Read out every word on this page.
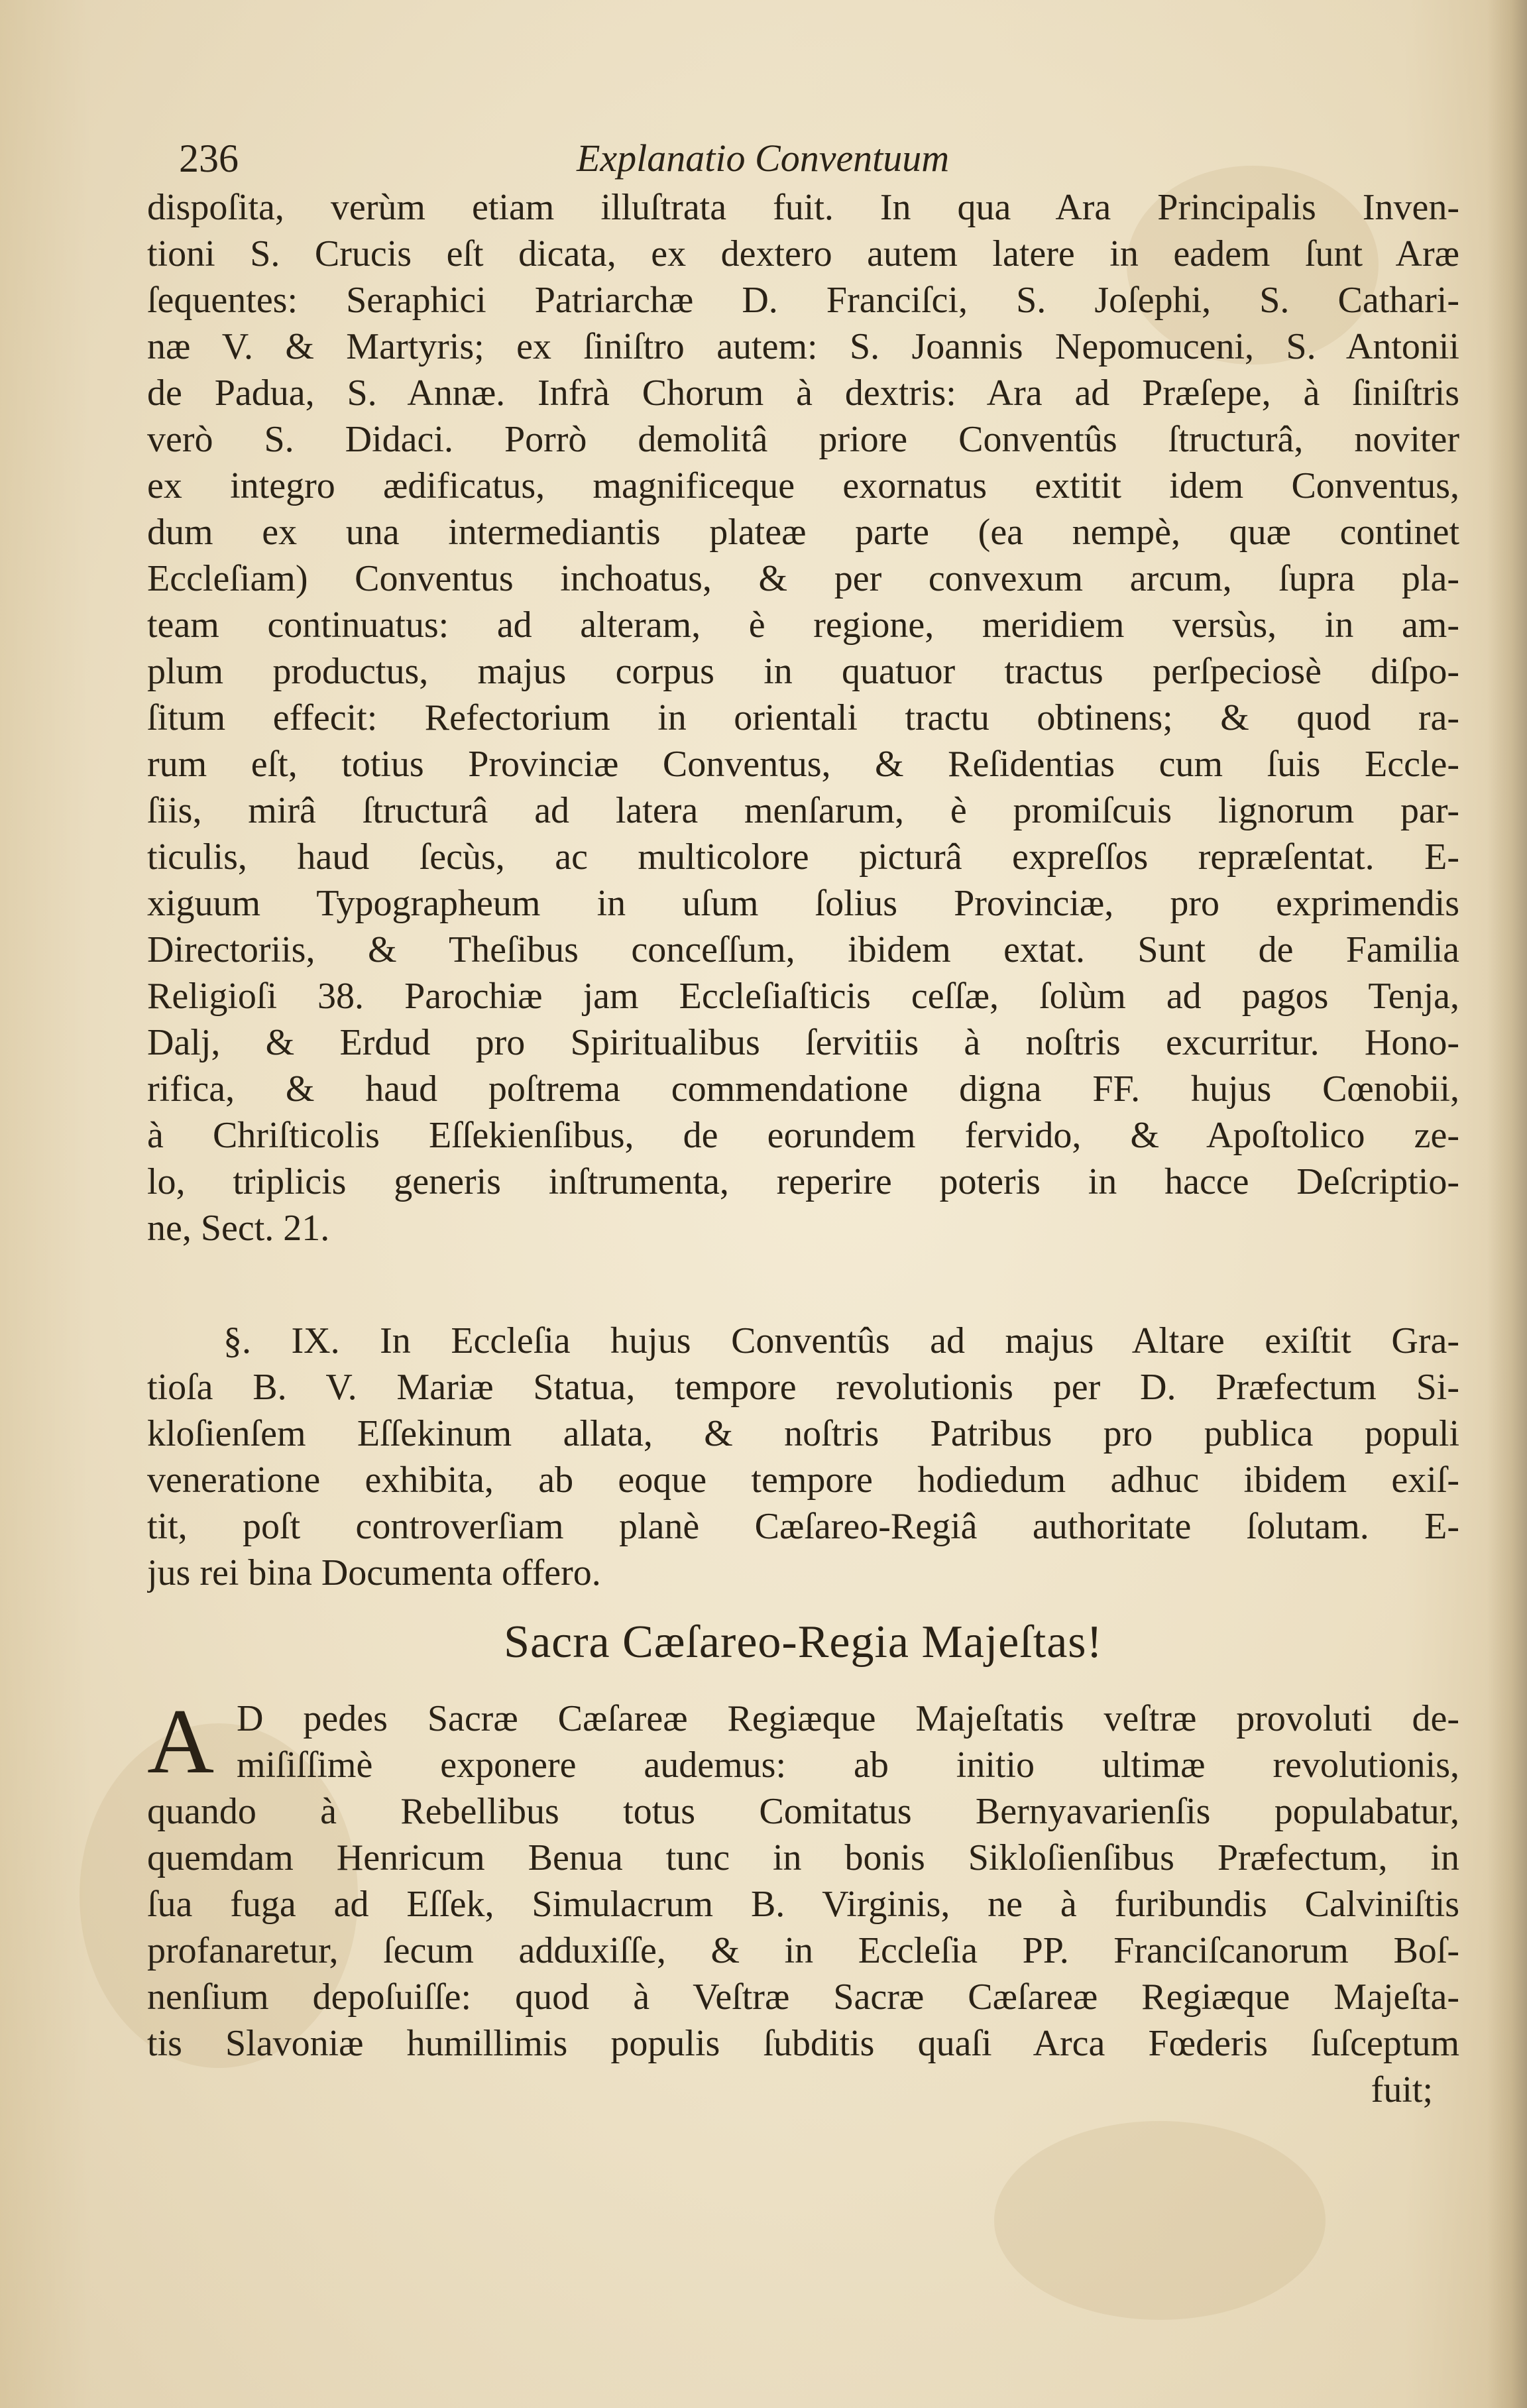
236	Explanatio Conventuum
dispoſita, verùm etiam illuſtrata fuit. In qua Ara Principalis Inven-
tioni S. Crucis eſt dicata, ex dextero autem latere in eadem ſunt Aræ
ſequentes: Seraphici Patriarchæ D. Franciſci, S. Joſephi, S. Cathari-
næ V. & Martyris; ex ſiniſtro autem: S. Joannis Nepomuceni, S. Antonii
de Padua, S. Annæ. Infrà Chorum à dextris: Ara ad Præſepe, à ſiniſtris
verò S. Didaci. Porrò demolitâ priore Conventûs ſtructurâ, noviter
ex integro ædificatus, magnificeque exornatus extitit idem Conventus,
dum ex una intermediantis plateæ parte (ea nempè, quæ continet
Eccleſiam) Conventus inchoatus, & per convexum arcum, ſupra pla-
team continuatus: ad alteram, è regione, meridiem versùs, in am-
plum productus, majus corpus in quatuor tractus perſpeciosè diſpo-
ſitum effecit: Refectorium in orientali tractu obtinens; & quod ra-
rum eſt, totius Provinciæ Conventus, & Reſidentias cum ſuis Eccle-
ſiis, mirâ ſtructurâ ad latera menſarum, è promiſcuis lignorum par-
ticulis, haud ſecùs, ac multicolore picturâ expreſſos repræſentat. E-
xiguum Typographeum in uſum ſolius Provinciæ, pro exprimendis
Directoriis, & Theſibus conceſſum, ibidem extat. Sunt de Familia
Religioſi 38. Parochiæ jam Eccleſiaſticis ceſſæ, ſolùm ad pagos Tenja,
Dalj, & Erdud pro Spiritualibus ſervitiis à noſtris excurritur. Hono-
rifica, & haud poſtrema commendatione digna FF. hujus Cœnobii,
à Chriſticolis Eſſekienſibus, de eorundem fervido, & Apoſtolico ze-
lo, triplicis generis inſtrumenta, reperire poteris in hacce Deſcriptio-
ne, Sect. 21.
§. IX. In Eccleſia hujus Conventûs ad majus Altare exiſtit Gra-
tioſa B. V. Mariæ Statua, tempore revolutionis per D. Præfectum Si-
kloſienſem Eſſekinum allata, & noſtris Patribus pro publica populi
veneratione exhibita, ab eoque tempore hodiedum adhuc ibidem exiſ-
tit, poſt controverſiam planè Cæſareo-Regiâ authoritate ſolutam. E-
jus rei bina Documenta offero.
Sacra Cæſareo-Regia Majeſtas!
A D pedes Sacræ Cæſareæ Regiæque Majeſtatis veſtræ provoluti de-
miſiſſimè exponere audemus: ab initio ultimæ revolutionis,
quando à Rebellibus totus Comitatus Bernyavarienſis populabatur,
quemdam Henricum Benua tunc in bonis Sikloſienſibus Præfectum, in
ſua fuga ad Eſſek, Simulacrum B. Virginis, ne à furibundis Calviniſtis
profanaretur, ſecum adduxiſſe, & in Eccleſia PP. Franciſcanorum Boſ-
nenſium depoſuiſſe: quod à Veſtræ Sacræ Cæſareæ Regiæque Majeſta-
tis Slavoniæ humillimis populis ſubditis quaſi Arca Fœderis ſuſceptum
fuit;
